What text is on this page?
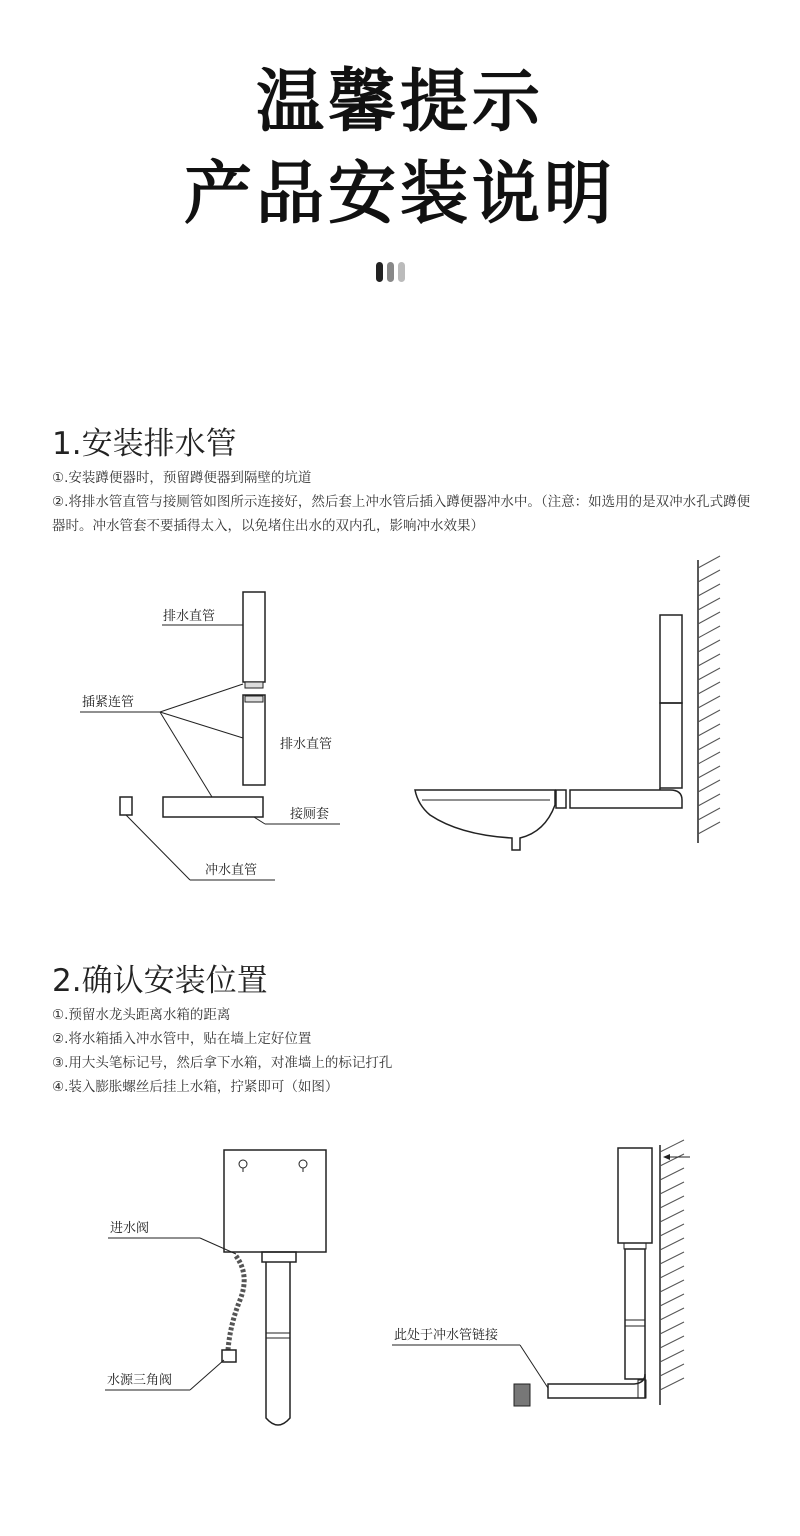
温馨提示
产品安装说明
1.安装排水管
①.安装蹲便器时，预留蹲便器到隔壁的坑道
②.将排水管直管与接厕管如图所示连接好，然后套上冲水管后插入蹲便器冲水中。（注意：如选用的是双冲水孔式蹲便器时。冲水管套不要插得太入，以免堵住出水的双内孔，影响冲水效果）
排水直管
插紧连管
排水直管
接厕套
冲水直管
2.确认安装位置
①.预留水龙头距离水箱的距离
②.将水箱插入冲水管中，贴在墙上定好位置
③.用大头笔标记号，然后拿下水箱，对准墙上的标记打孔
④.装入膨胀螺丝后挂上水箱，拧紧即可（如图）
进水阀
水源三角阀
此处于冲水管链接
